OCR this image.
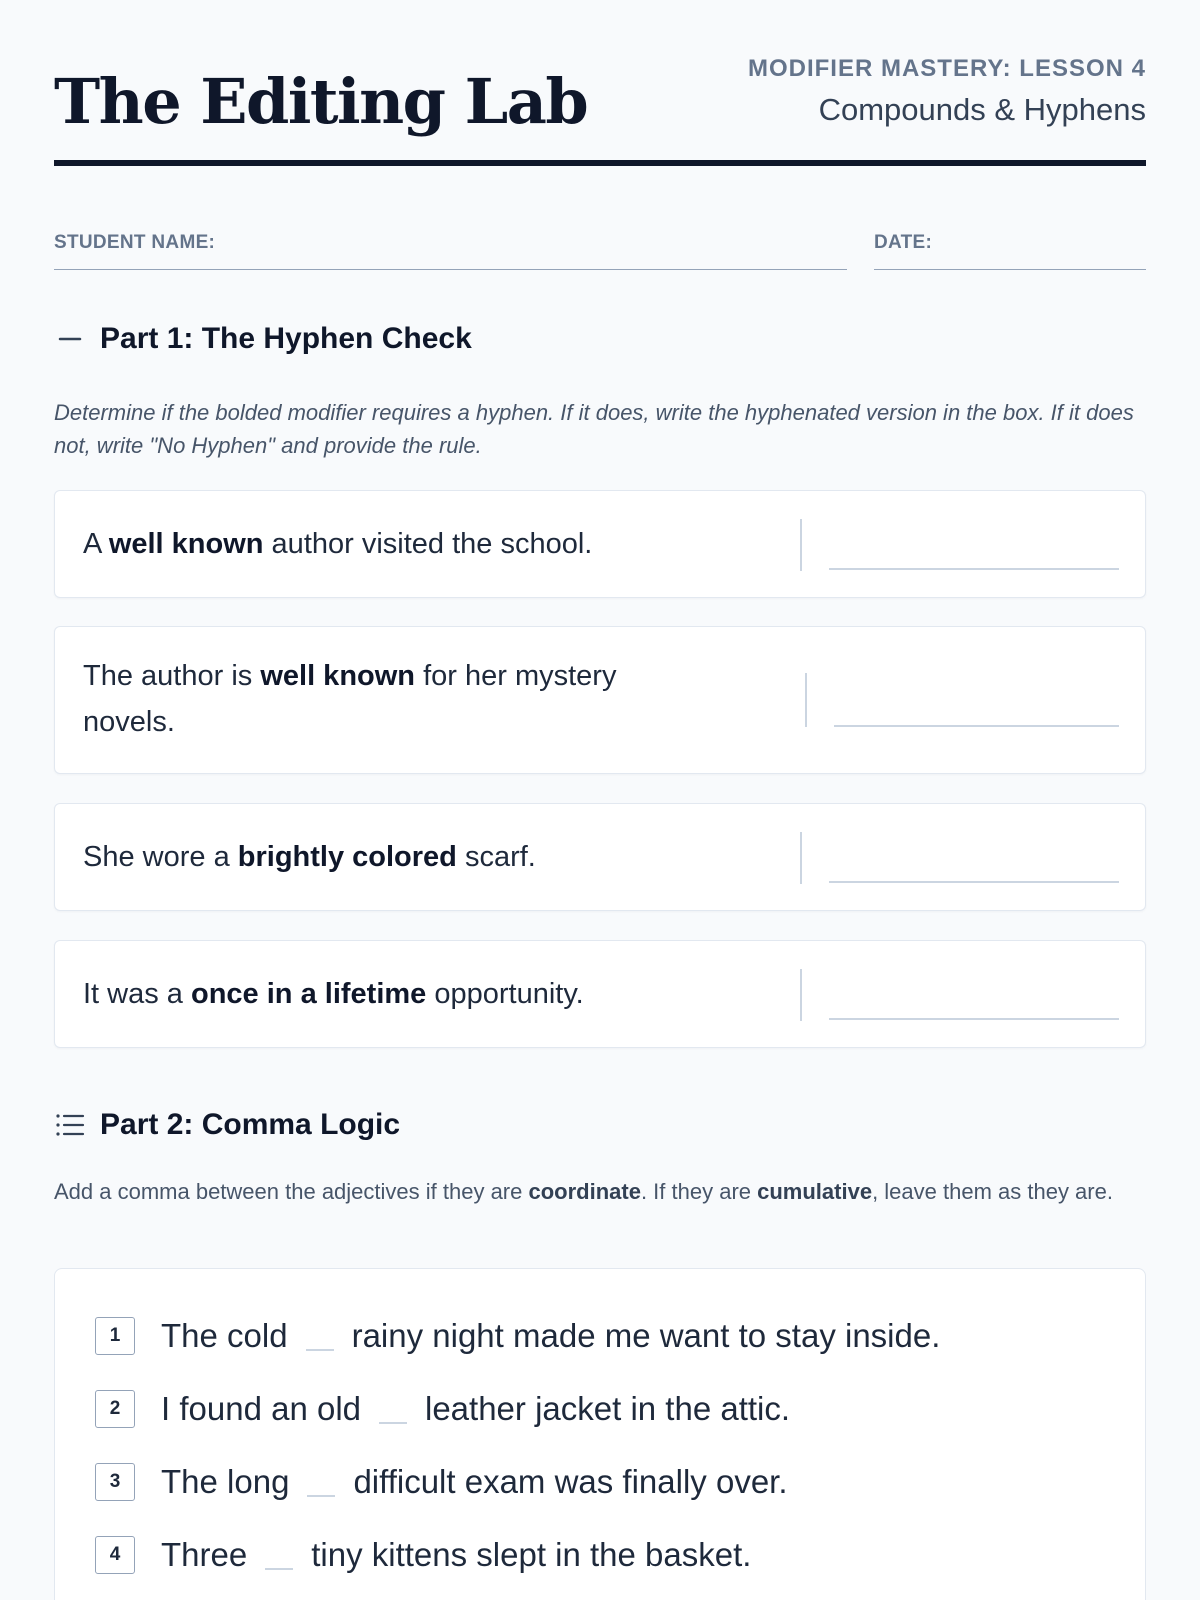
The Editing Lab	MODIFIER MASTERY: LESSON 4
Compounds & Hyphens
STUDENT NAME:	DATE:
Part 1: The Hyphen Check
Determine if the bolded modifier requires a hyphen. If it does, write the hyphenated version in the box. If it does not, write "No Hyphen" and provide the rule.
A well known author visited the school.
The author is well known for her mystery novels.
She wore a brightly colored scarf.
It was a once in a lifetime opportunity.
Part 2: Comma Logic
Add a comma between the adjectives if they are coordinate. If they are cumulative, leave them as they are.
1	The cold rainy night made me want to stay inside.
2	I found an old leather jacket in the attic.
3	The long difficult exam was finally over.
4	Three tiny kittens slept in the basket.
